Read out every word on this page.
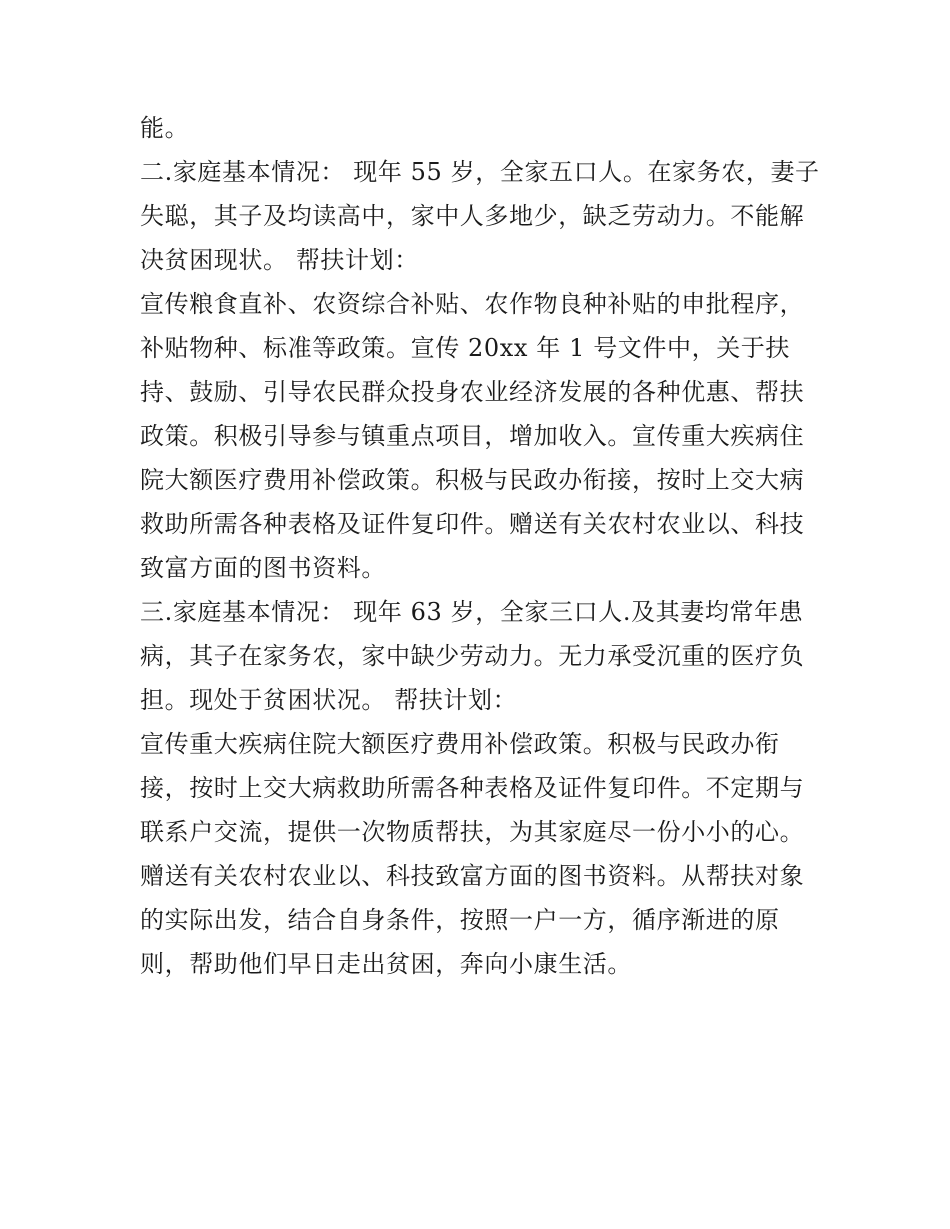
能。
二.家庭基本情况： 现年 55 岁，全家五口人。在家务农，妻子
失聪，其子及均读高中，家中人多地少，缺乏劳动力。不能解
决贫困现状。 帮扶计划：
宣传粮食直补、农资综合补贴、农作物良种补贴的申批程序，
补贴物种、标准等政策。宣传 20xx 年 1 号文件中，关于扶
持、鼓励、引导农民群众投身农业经济发展的各种优惠、帮扶
政策。积极引导参与镇重点项目，增加收入。宣传重大疾病住
院大额医疗费用补偿政策。积极与民政办衔接，按时上交大病
救助所需各种表格及证件复印件。赠送有关农村农业以、科技
致富方面的图书资料。
三.家庭基本情况： 现年 63 岁，全家三口人.及其妻均常年患
病，其子在家务农，家中缺少劳动力。无力承受沉重的医疗负
担。现处于贫困状况。 帮扶计划：
宣传重大疾病住院大额医疗费用补偿政策。积极与民政办衔
接，按时上交大病救助所需各种表格及证件复印件。不定期与
联系户交流，提供一次物质帮扶，为其家庭尽一份小小的心。
赠送有关农村农业以、科技致富方面的图书资料。从帮扶对象
的实际出发，结合自身条件，按照一户一方，循序渐进的原
则，帮助他们早日走出贫困，奔向小康生活。
